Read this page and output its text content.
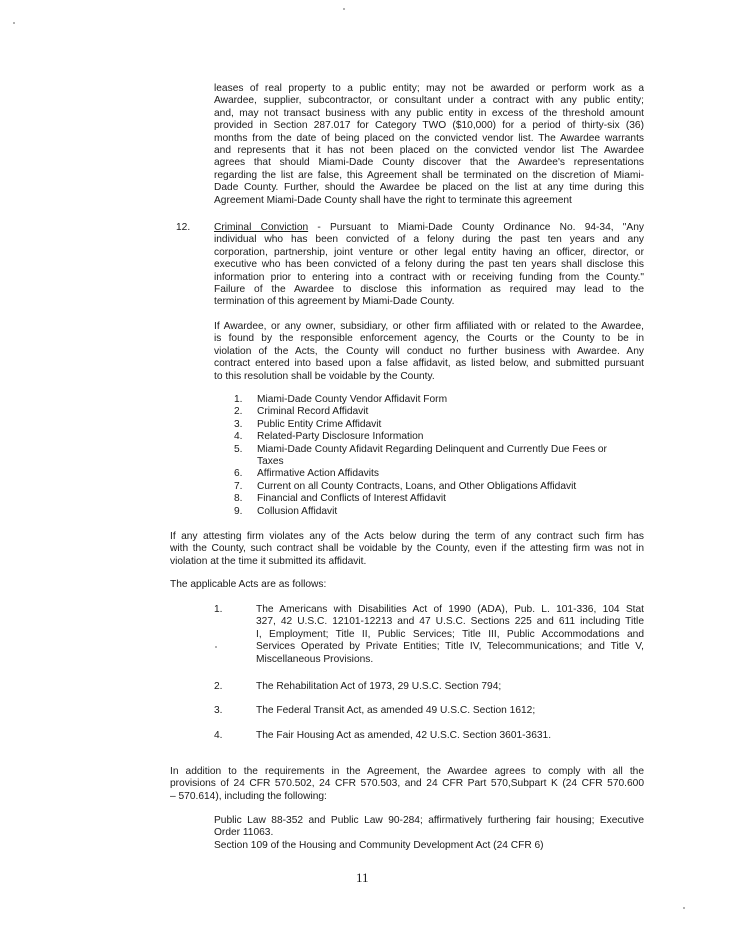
leases of real property to a public entity; may not be awarded or perform work as a
Awardee, supplier, subcontractor, or consultant under a contract with any public entity;
and, may not transact business with any public entity in excess of the threshold amount
provided in Section 287.017 for Category TWO ($10,000) for a period of thirty-six (36)
months from the date of being placed on the convicted vendor list. The Awardee warrants
and represents that it has not been placed on the convicted vendor list The Awardee
agrees that should Miami-Dade County discover that the Awardee's representations
regarding the list are false, this Agreement shall be terminated on the discretion of Miami-
Dade County. Further, should the Awardee be placed on the list at any time during this
Agreement Miami-Dade County shall have the right to terminate this agreement
12. Criminal Conviction - Pursuant to Miami-Dade County Ordinance No. 94-34, "Any
individual who has been convicted of a felony during the past ten years and any
corporation, partnership, joint venture or other legal entity having an officer, director, or
executive who has been convicted of a felony during the past ten years shall disclose this
information prior to entering into a contract with or receiving funding from the County."
Failure of the Awardee to disclose this information as required may lead to the
termination of this agreement by Miami-Dade County.
If Awardee, or any owner, subsidiary, or other firm affiliated with or related to the Awardee,
is found by the responsible enforcement agency, the Courts or the County to be in
violation of the Acts, the County will conduct no further business with Awardee. Any
contract entered into based upon a false affidavit, as listed below, and submitted pursuant
to this resolution shall be voidable by the County.
1. Miami-Dade County Vendor Affidavit Form
2. Criminal Record Affidavit
3. Public Entity Crime Affidavit
4. Related-Party Disclosure Information
5. Miami-Dade County Afidavit Regarding Delinquent and Currently Due Fees or
Taxes
6. Affirmative Action Affidavits
7. Current on all County Contracts, Loans, and Other Obligations Affidavit
8. Financial and Conflicts of Interest Affidavit
9. Collusion Affidavit
If any attesting firm violates any of the Acts below during the term of any contract such firm has
with the County, such contract shall be voidable by the County, even if the attesting firm was not in
violation at the time it submitted its affidavit.
The applicable Acts are as follows:
1.	The Americans with Disabilities Act of 1990 (ADA), Pub. L. 101-336, 104 Stat
327, 42 U.S.C. 12101-12213 and 47 U.S.C. Sections 225 and 611 including Title
I, Employment; Title II, Public Services; Title III, Public Accommodations and
Services Operated by Private Entities; Title IV, Telecommunications; and Title V,
Miscellaneous Provisions.
2.	The Rehabilitation Act of 1973, 29 U.S.C. Section 794;
3.	The Federal Transit Act, as amended 49 U.S.C. Section 1612;
4.	The Fair Housing Act as amended, 42 U.S.C. Section 3601-3631.
In addition to the requirements in the Agreement, the Awardee agrees to comply with all the
provisions of 24 CFR 570.502, 24 CFR 570.503, and 24 CFR Part 570,Subpart K (24 CFR 570.600
– 570.614), including the following:
Public Law 88-352 and Public Law 90-284; affirmatively furthering fair housing; Executive
Order 11063.
Section 109 of the Housing and Community Development Act (24 CFR 6)
11
